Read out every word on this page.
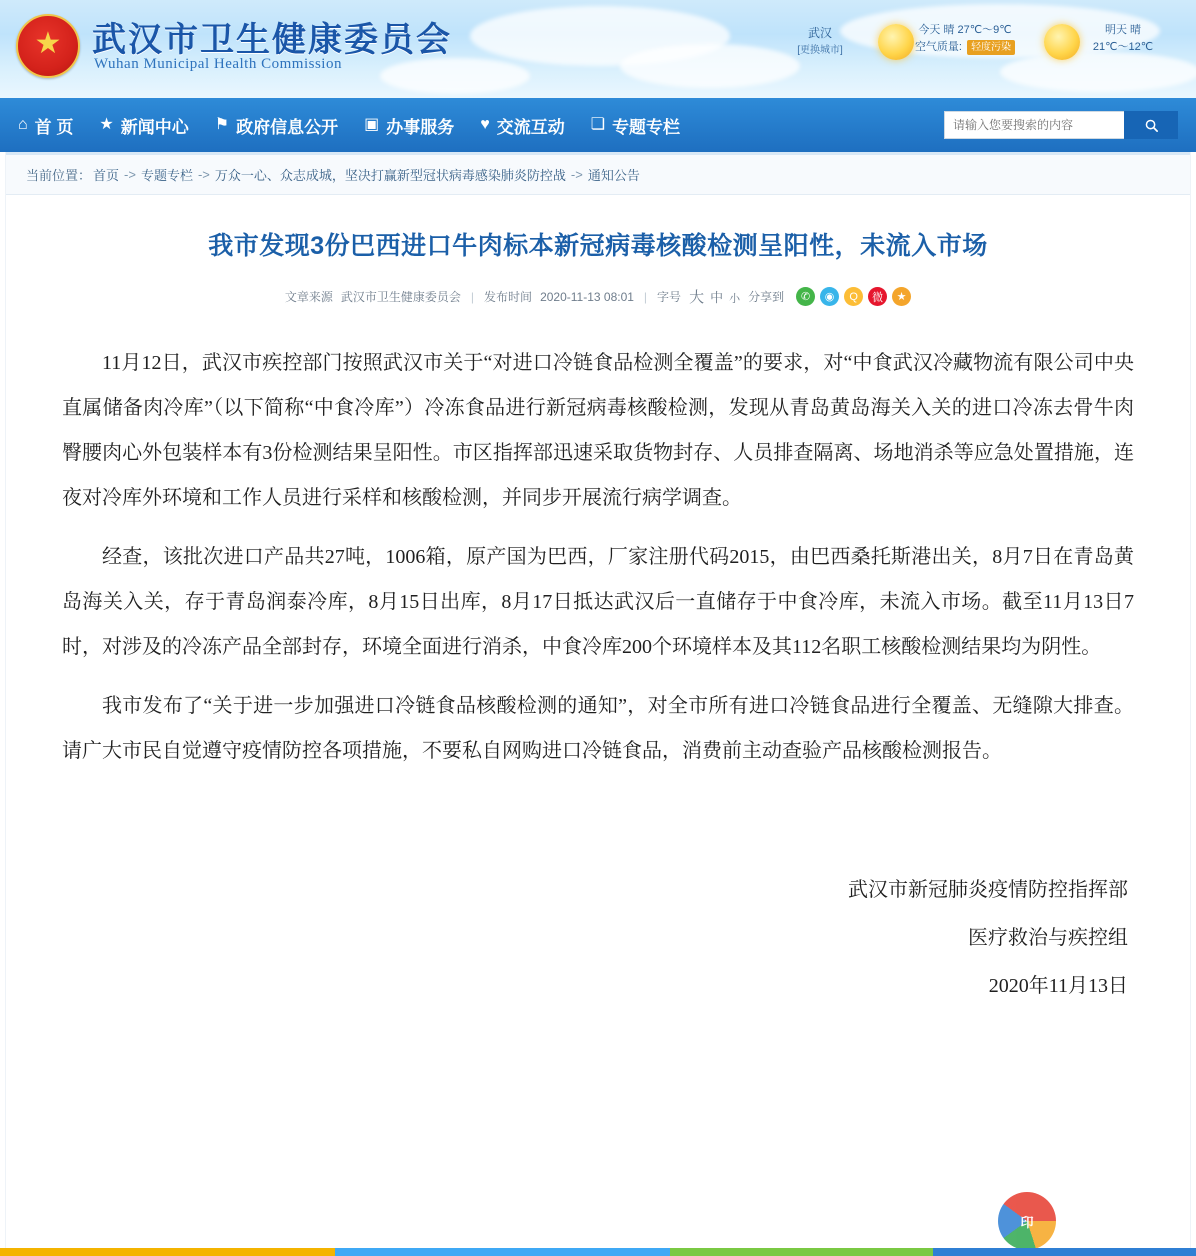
★ 武汉市卫生健康委员会
Wuhan Municipal Health Commission
武汉
[更换城市]
今天 晴 27℃～9℃
空气质量: 轻度污染
明天 晴
21℃～12℃
⌂ 首 页 ★ 新闻中心 ⚑ 政府信息公开 ▣ 办事服务 ♥ 交流互动 ❏ 专题专栏
请输入您要搜索的内容
当前位置： 首页 -> 专题专栏 -> 万众一心、众志成城，坚决打赢新型冠状病毒感染肺炎防控战 -> 通知公告
我市发现3份巴西进口牛肉标本新冠病毒核酸检测呈阳性，未流入市场
文章来源 武汉市卫生健康委员会 | 发布时间 2020-11-13 08:01 | 字号 大 中 小 分享到	✆	◉	Q	微	★

11月12日，武汉市疾控部门按照武汉市关于“对进口冷链食品检测全覆盖”的要求，对“中食武汉冷藏物流有限公司中央直属储备肉冷库”（以下简称“中食冷库”）冷冻食品进行新冠病毒核酸检测，发现从青岛黄岛海关入关的进口冷冻去骨牛肉臀腰肉心外包装样本有3份检测结果呈阳性。市区指挥部迅速采取货物封存、人员排查隔离、场地消杀等应急处置措施，连夜对冷库外环境和工作人员进行采样和核酸检测，并同步开展流行病学调查。

经查，该批次进口产品共27吨，1006箱，原产国为巴西，厂家注册代码2015，由巴西桑托斯港出关，8月7日在青岛黄岛海关入关，存于青岛润泰冷库，8月15日出库，8月17日抵达武汉后一直储存于中食冷库，未流入市场。截至11月13日7时，对涉及的冷冻产品全部封存，环境全面进行消杀，中食冷库200个环境样本及其112名职工核酸检测结果均为阴性。

我市发布了“关于进一步加强进口冷链食品核酸检测的通知”，对全市所有进口冷链食品进行全覆盖、无缝隙大排查。请广大市民自觉遵守疫情防控各项措施，不要私自网购进口冷链食品，消费前主动查验产品核酸检测报告。

武汉市新冠肺炎疫情防控指挥部
医疗救治与疾控组
2020年11月13日
印
